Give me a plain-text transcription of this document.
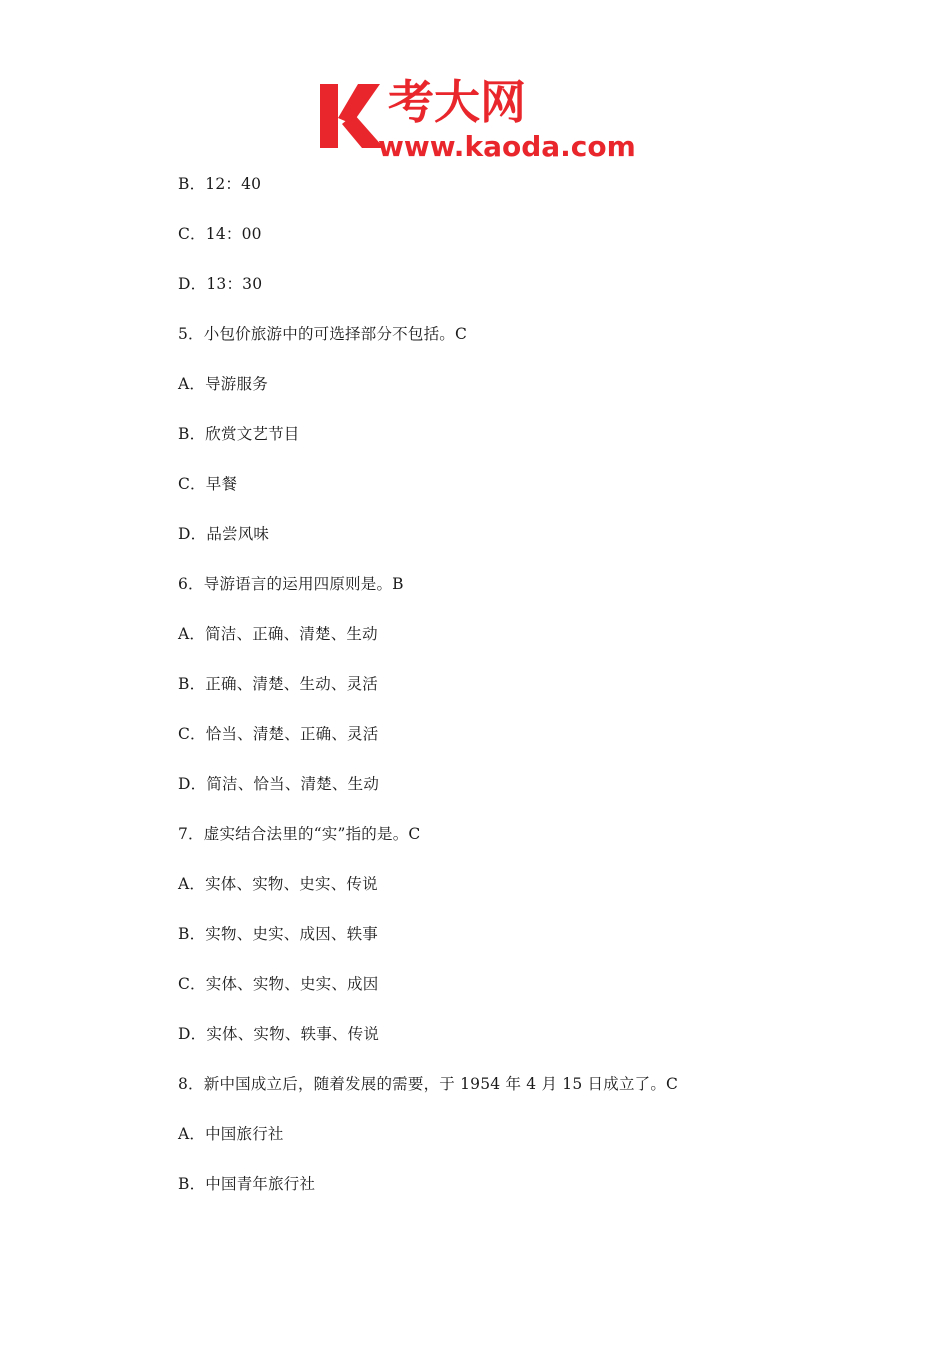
考大网
www.kaoda.com
B．12：40
C．14：00
D．13：30
5．小包价旅游中的可选择部分不包括。C
A．导游服务
B．欣赏文艺节目
C．早餐
D．品尝风味
6．导游语言的运用四原则是。B
A．简洁、正确、清楚、生动
B．正确、清楚、生动、灵活
C．恰当、清楚、正确、灵活
D．简洁、恰当、清楚、生动
7．虚实结合法里的“实”指的是。C
A．实体、实物、史实、传说
B．实物、史实、成因、轶事
C．实体、实物、史实、成因
D．实体、实物、轶事、传说
8．新中国成立后，随着发展的需要，于 1954 年 4 月 15 日成立了。C
A．中国旅行社
B．中国青年旅行社
